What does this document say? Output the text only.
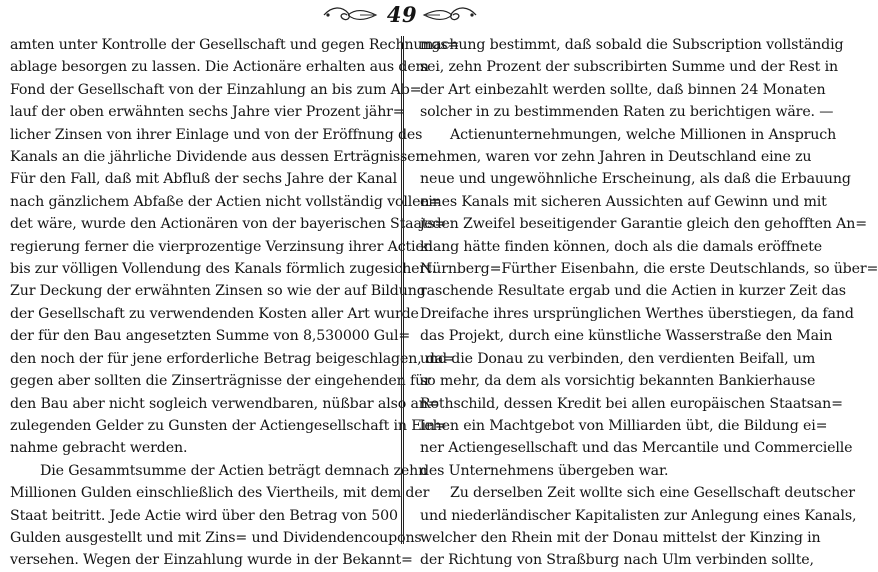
49
amten unter Kontrolle der Gesellschaft und gegen Rechnungs=
ablage besorgen zu lassen. Die Actionäre erhalten aus dem
Fond der Gesellschaft von der Einzahlung an bis zum Ab=
lauf der oben erwähnten sechs Jahre vier Prozent jähr=
licher Zinsen von ihrer Einlage und von der Eröffnung des
Kanals an die jährliche Dividende aus dessen Erträgnissen.
Für den Fall, daß mit Abfluß der sechs Jahre der Kanal
nach gänzlichem Abfaße der Actien nicht vollständig vollen=
det wäre, wurde den Actionären von der bayerischen Staats=
regierung ferner die vierprozentige Verzinsung ihrer Actien
bis zur völligen Vollendung des Kanals förmlich zugesichert.
Zur Deckung der erwähnten Zinsen so wie der auf Bildung
der Gesellschaft zu verwendenden Kosten aller Art wurde
der für den Bau angesetzten Summe von 8,530000 Gul=
den noch der für jene erforderliche Betrag beigeschlagen, da=
gegen aber sollten die Zinserträgnisse der eingehenden für
den Bau aber nicht sogleich verwendbaren, nüßbar also an=
zulegenden Gelder zu Gunsten der Actiengesellschaft in Ein=
nahme gebracht werden.
Die Gesammtsumme der Actien beträgt demnach zehn
Millionen Gulden einschließlich des Viertheils, mit dem der
Staat beitritt. Jede Actie wird über den Betrag von 500
Gulden ausgestellt und mit Zins= und Dividendencoupons
versehen. Wegen der Einzahlung wurde in der Bekannt=
machung bestimmt, daß sobald die Subscription vollständig
sei, zehn Prozent der subscribirten Summe und der Rest in
der Art einbezahlt werden sollte, daß binnen 24 Monaten
solcher in zu bestimmenden Raten zu berichtigen wäre. —
Actienunternehmungen, welche Millionen in Anspruch
nehmen, waren vor zehn Jahren in Deutschland eine zu
neue und ungewöhnliche Erscheinung, als daß die Erbauung
eines Kanals mit sicheren Aussichten auf Gewinn und mit
jeden Zweifel beseitigender Garantie gleich den gehofften An=
klang hätte finden können, doch als die damals eröffnete
Nürnberg=Fürther Eisenbahn, die erste Deutschlands, so über=
raschende Resultate ergab und die Actien in kurzer Zeit das
Dreifache ihres ursprünglichen Werthes überstiegen, da fand
das Projekt, durch eine künstliche Wasserstraße den Main
und die Donau zu verbinden, den verdienten Beifall, um
so mehr, da dem als vorsichtig bekannten Bankierhause
Rothschild, dessen Kredit bei allen europäischen Staatsan=
lehen ein Machtgebot von Milliarden übt, die Bildung ei=
ner Actiengesellschaft und das Mercantile und Commercielle
des Unternehmens übergeben war.
Zu derselben Zeit wollte sich eine Gesellschaft deutscher
und niederländischer Kapitalisten zur Anlegung eines Kanals,
welcher den Rhein mit der Donau mittelst der Kinzing in
der Richtung von Straßburg nach Ulm verbinden sollte,
